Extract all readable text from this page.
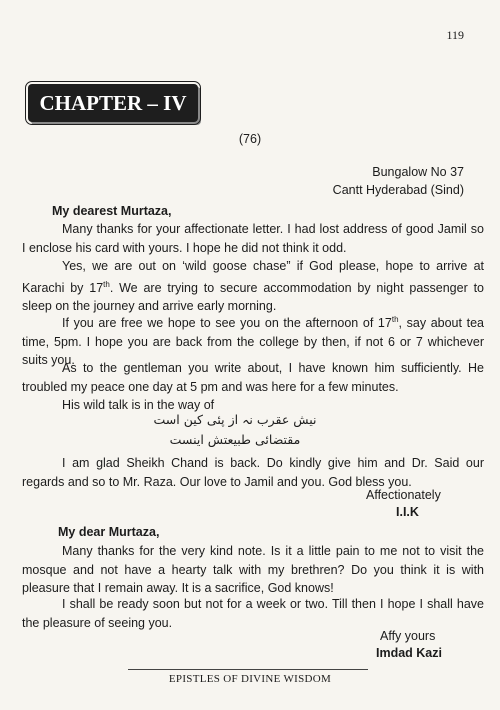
119
CHAPTER – IV
(76)
Bungalow No 37
Cantt Hyderabad (Sind)
My dearest Murtaza,
Many thanks for your affectionate letter. I had lost address of good Jamil so I enclose his card with yours. I hope he did not think it odd.
Yes, we are out on ‘wild goose chase” if God please, hope to arrive at Karachi by 17th. We are trying to secure accommodation by night passenger to sleep on the journey and arrive early morning.
If you are free we hope to see you on the afternoon of 17th, say about tea time, 5pm. I hope you are back from the college by then, if not 6 or 7 whichever suits you.
As to the gentleman you write about, I have known him sufficiently. He troubled my peace one day at 5 pm and was here for a few minutes.
His wild talk is in the way of
نیش عقرب نہ از پئی کین است
مقتضائی طبیعتش اینست
I am glad Sheikh Chand is back. Do kindly give him and Dr. Said our regards and so to Mr. Raza. Our love to Jamil and you. God bless you.
Affectionately
I.I.K
My dear Murtaza,
Many thanks for the very kind note. Is it a little pain to me not to visit the mosque and not have a hearty talk with my brethren? Do you think it is with pleasure that I remain away. It is a sacrifice, God knows!
I shall be ready soon but not for a week or two. Till then I hope I shall have the pleasure of seeing you.
Affy yours
Imdad Kazi
EPISTLES OF DIVINE WISDOM
